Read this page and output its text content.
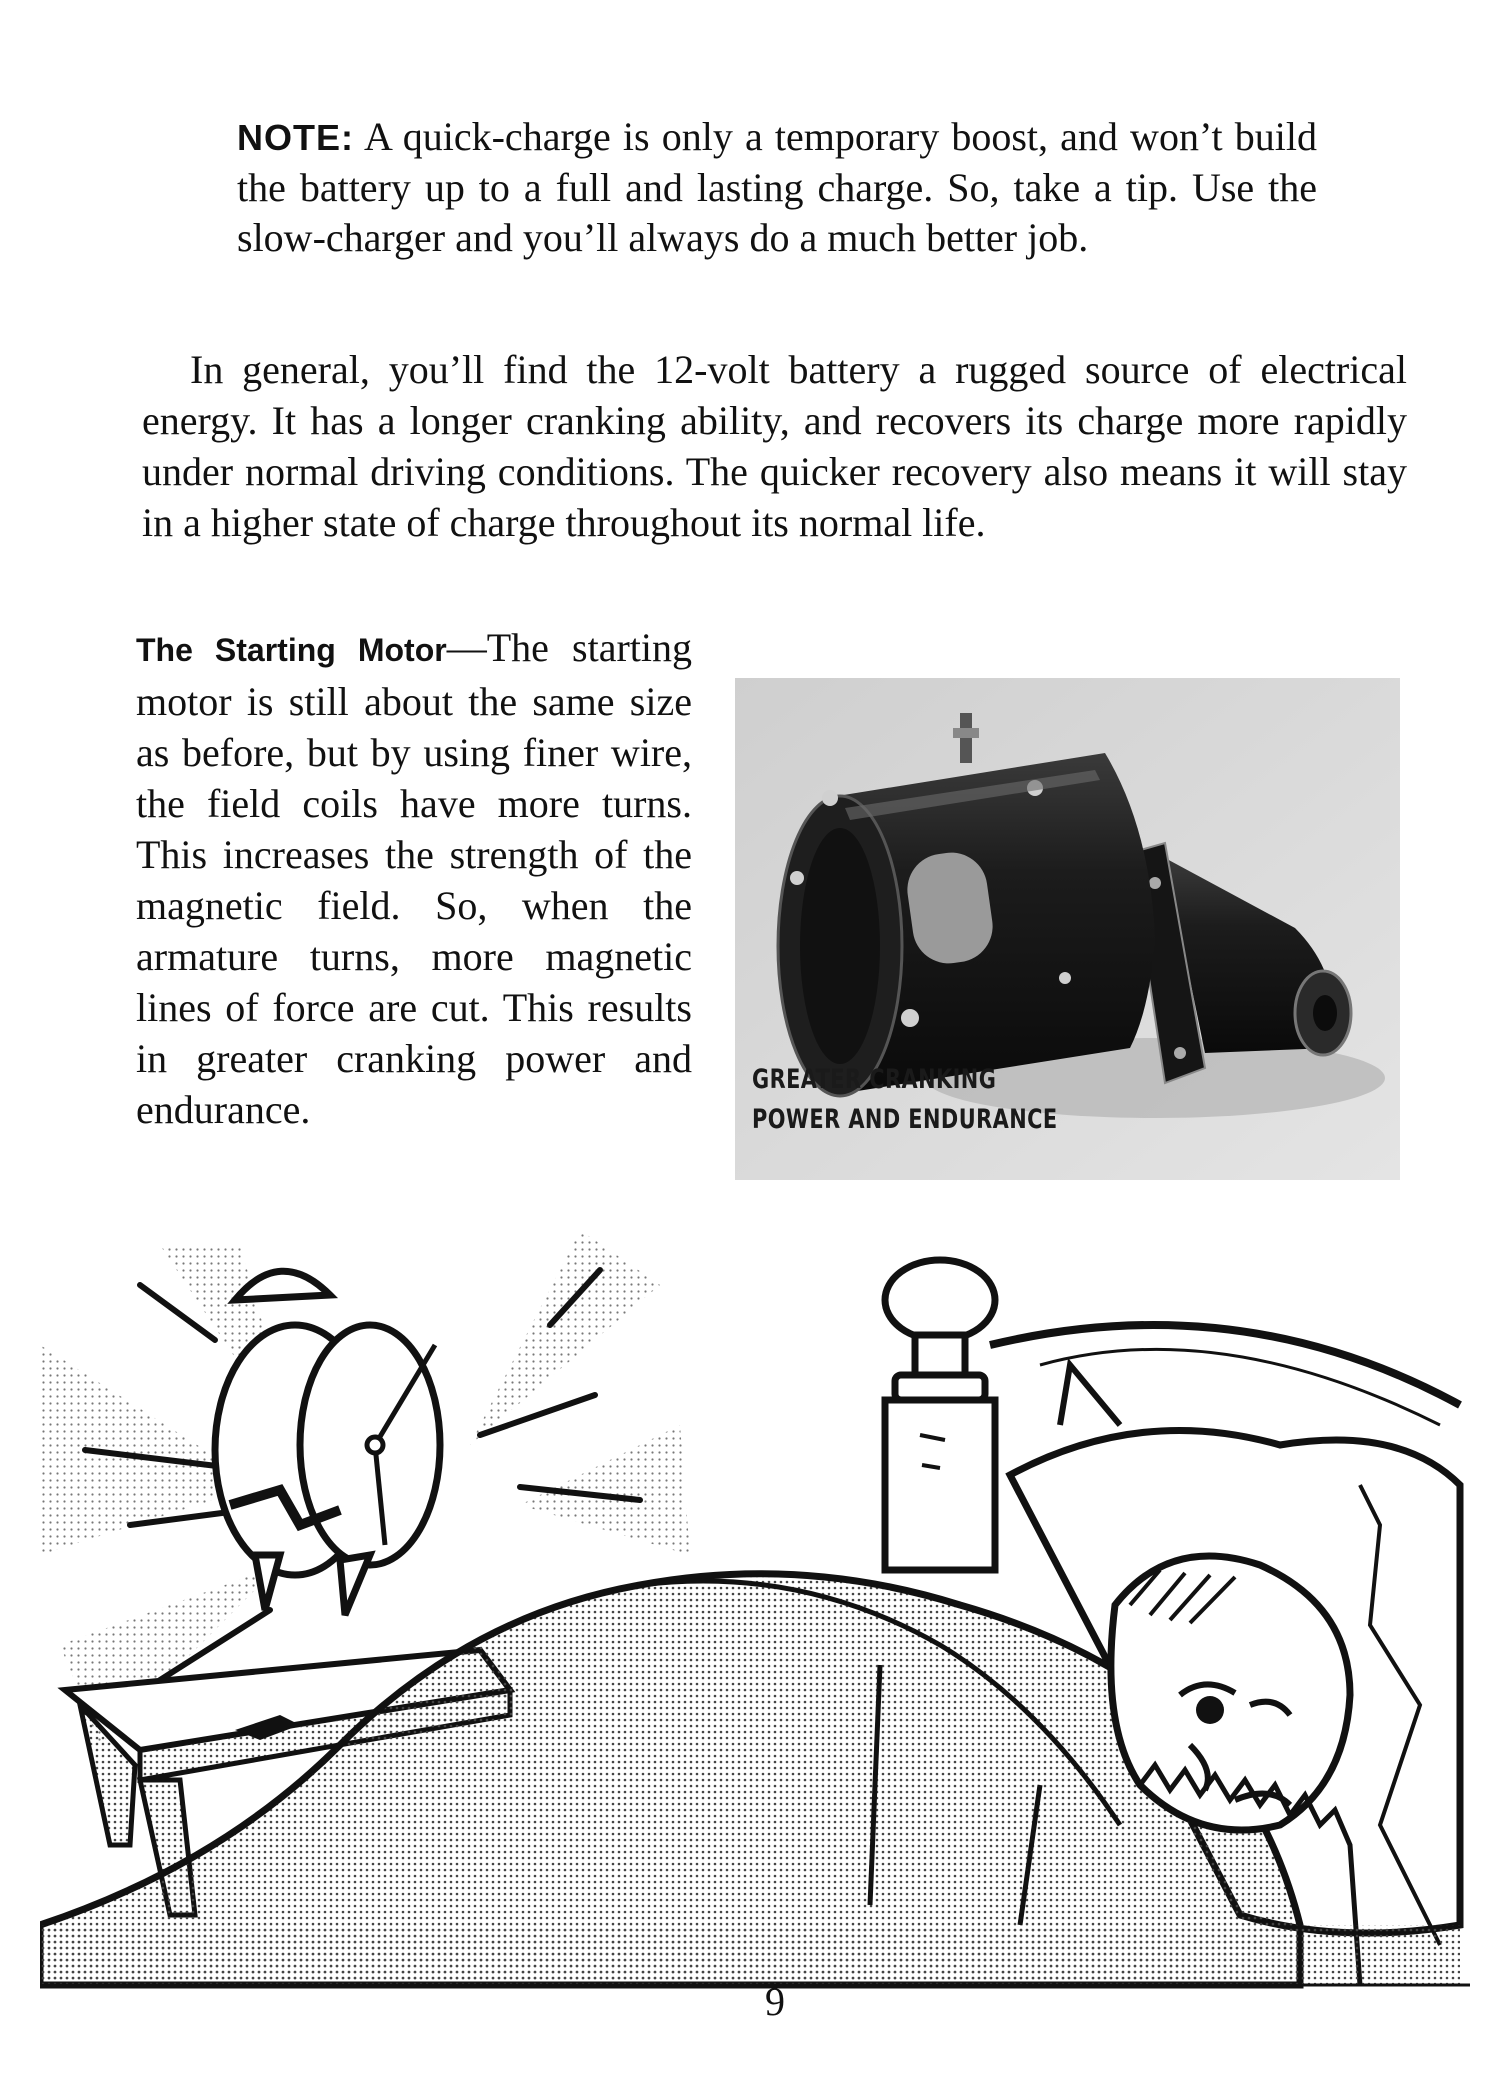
NOTE: A quick-charge is only a temporary boost, and won’t build the battery up to a full and lasting charge. So, take a tip. Use the slow-charger and you’ll always do a much better job.

In general, you’ll find the 12-volt battery a rugged source of electrical energy. It has a longer cranking ability, and recovers its charge more rapidly under normal driving conditions. The quicker recovery also means it will stay in a higher state of charge throughout its normal life.

The Starting Motor—The starting motor is still about the same size as before, but by using finer wire, the field coils have more turns. This increases the strength of the magnetic field. So, when the armature turns, more magnetic lines of force are cut. This results in greater cranking power and endurance.

GREATER CRANKING
POWER AND ENDURANCE
9
